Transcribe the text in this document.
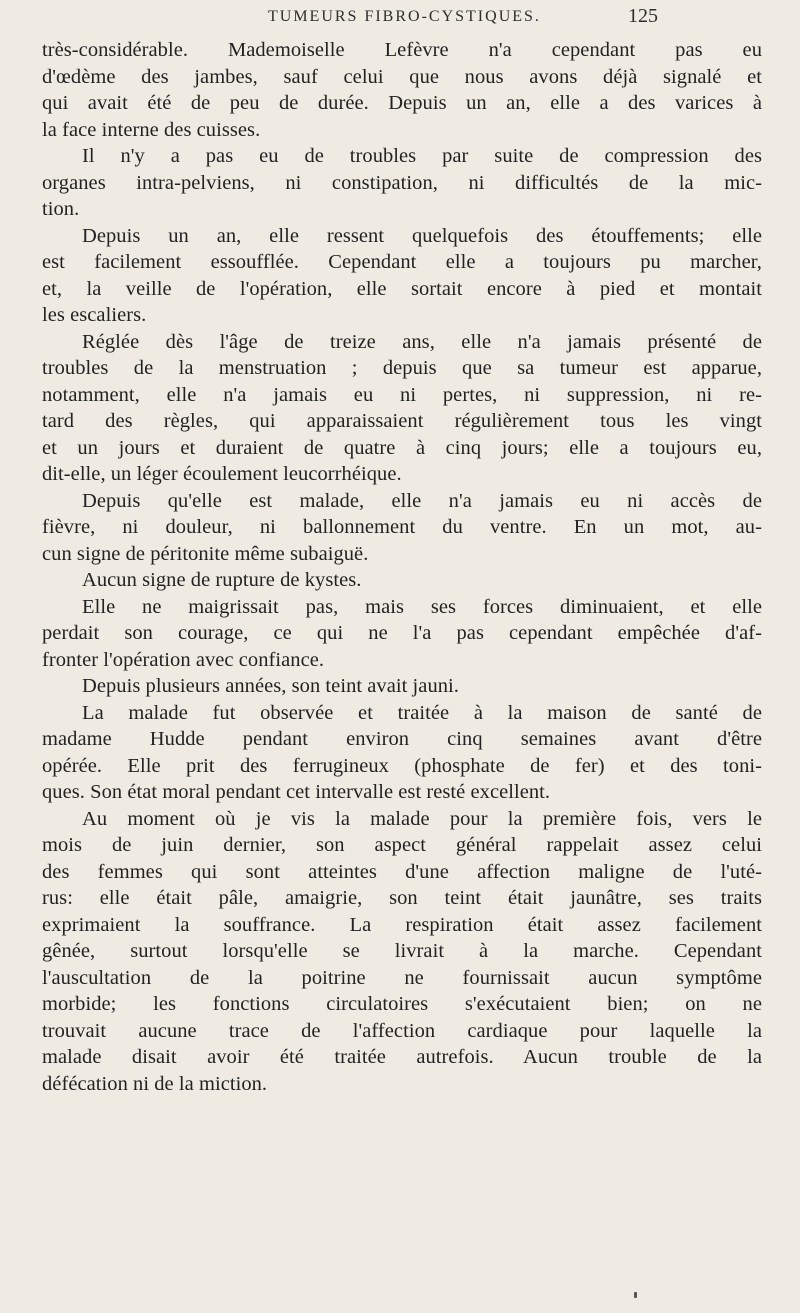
TUMEURS FIBRO-CYSTIQUES.	125
très-considérable. Mademoiselle Lefèvre n'a cependant pas eu
d'œdème des jambes, sauf celui que nous avons déjà signalé et
qui avait été de peu de durée. Depuis un an, elle a des varices à
la face interne des cuisses.
Il n'y a pas eu de troubles par suite de compression des
organes intra-pelviens, ni constipation, ni difficultés de la mic-
tion.
Depuis un an, elle ressent quelquefois des étouffements; elle
est facilement essoufflée. Cependant elle a toujours pu marcher,
et, la veille de l'opération, elle sortait encore à pied et montait
les escaliers.
Réglée dès l'âge de treize ans, elle n'a jamais présenté de
troubles de la menstruation ; depuis que sa tumeur est apparue,
notamment, elle n'a jamais eu ni pertes, ni suppression, ni re-
tard des règles, qui apparaissaient régulièrement tous les vingt
et un jours et duraient de quatre à cinq jours; elle a toujours eu,
dit-elle, un léger écoulement leucorrhéique.
Depuis qu'elle est malade, elle n'a jamais eu ni accès de
fièvre, ni douleur, ni ballonnement du ventre. En un mot, au-
cun signe de péritonite même subaiguë.
Aucun signe de rupture de kystes.
Elle ne maigrissait pas, mais ses forces diminuaient, et elle
perdait son courage, ce qui ne l'a pas cependant empêchée d'af-
fronter l'opération avec confiance.
Depuis plusieurs années, son teint avait jauni.
La malade fut observée et traitée à la maison de santé de
madame Hudde pendant environ cinq semaines avant d'être
opérée. Elle prit des ferrugineux (phosphate de fer) et des toni-
ques. Son état moral pendant cet intervalle est resté excellent.
Au moment où je vis la malade pour la première fois, vers le
mois de juin dernier, son aspect général rappelait assez celui
des femmes qui sont atteintes d'une affection maligne de l'uté-
rus: elle était pâle, amaigrie, son teint était jaunâtre, ses traits
exprimaient la souffrance. La respiration était assez facilement
gênée, surtout lorsqu'elle se livrait à la marche. Cependant
l'auscultation de la poitrine ne fournissait aucun symptôme
morbide; les fonctions circulatoires s'exécutaient bien; on ne
trouvait aucune trace de l'affection cardiaque pour laquelle la
malade disait avoir été traitée autrefois. Aucun trouble de la
défécation ni de la miction.
